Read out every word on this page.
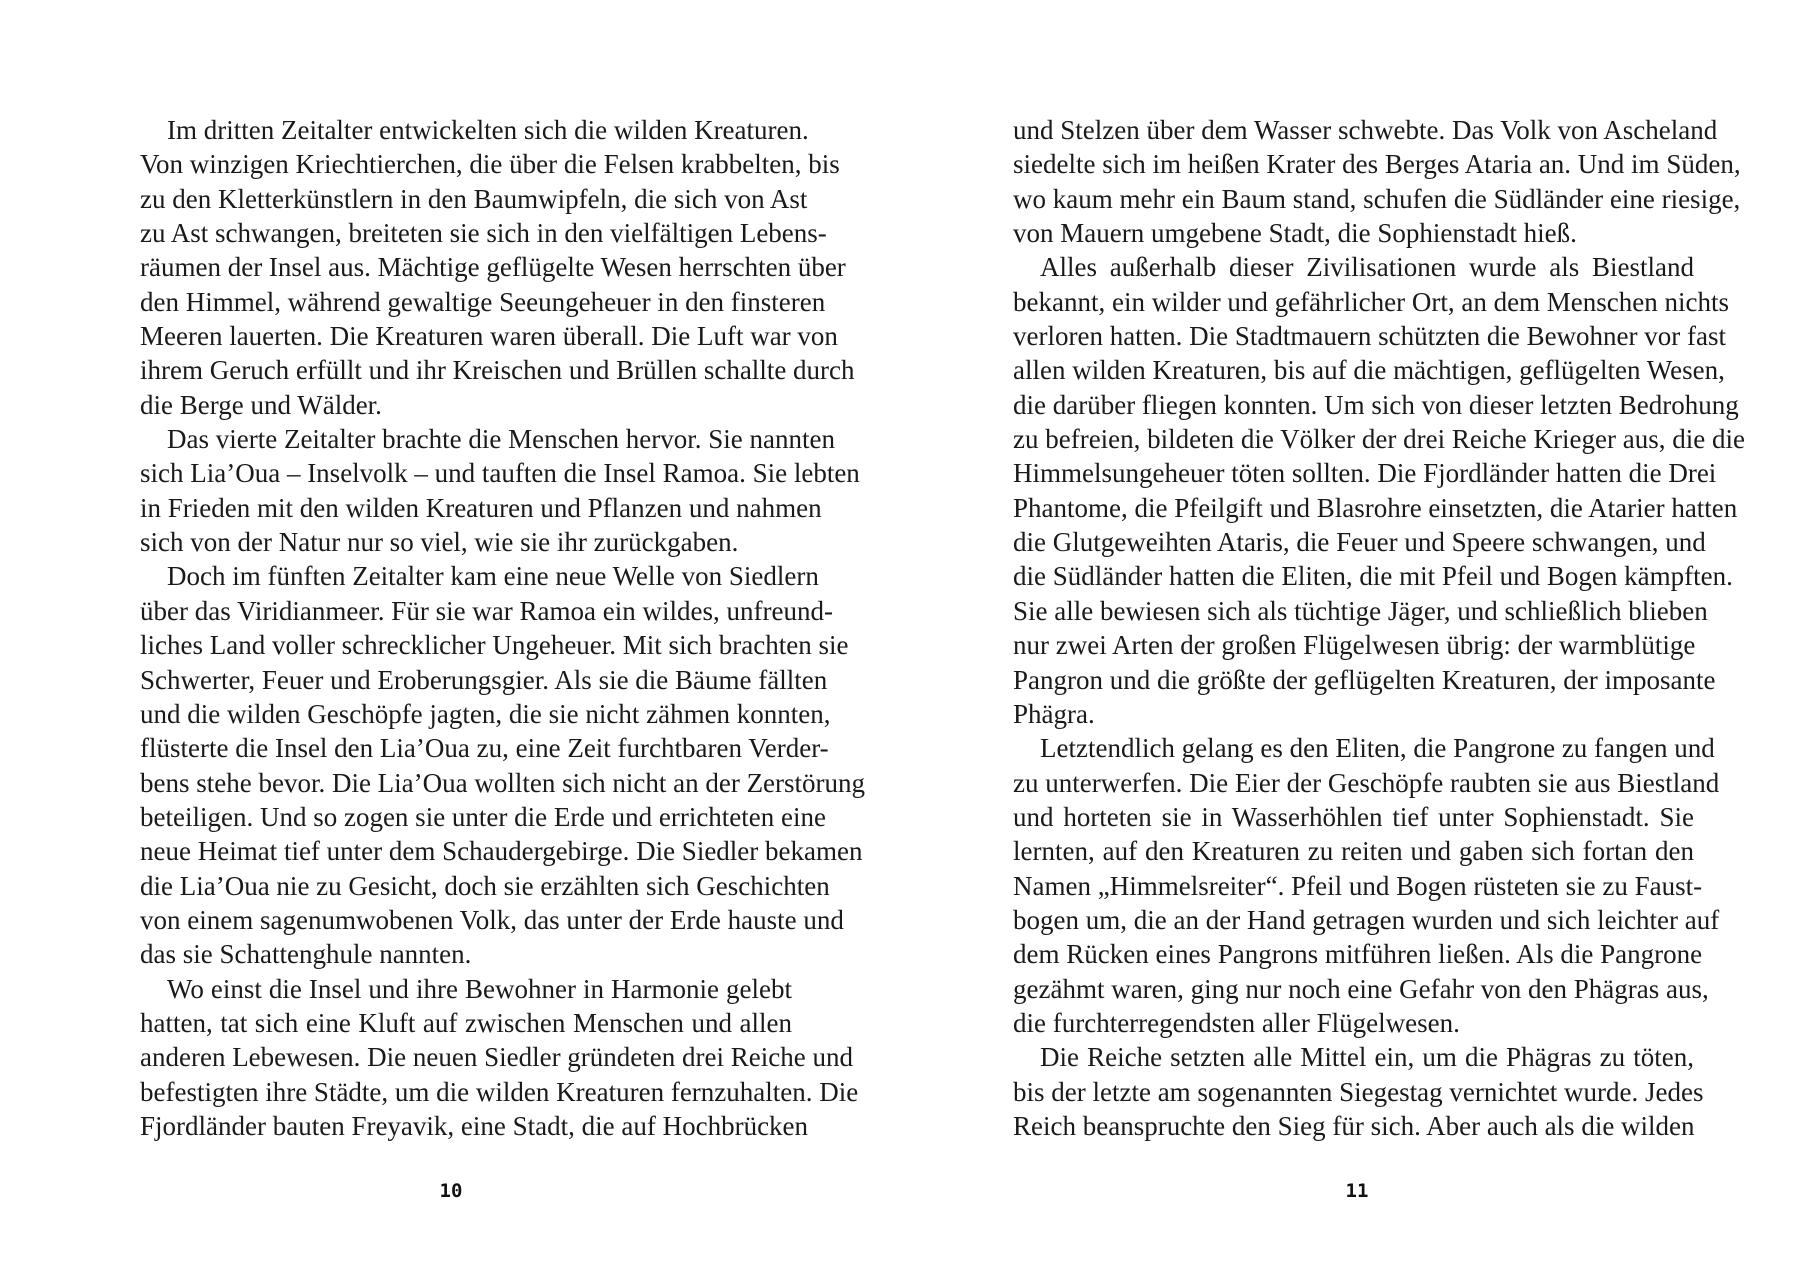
Im dritten Zeitalter entwickelten sich die wilden Kreaturen.
Von winzigen Kriechtierchen, die über die Felsen krabbelten, bis
zu den Kletterkünstlern in den Baumwipfeln, die sich von Ast
zu Ast schwangen, breiteten sie sich in den vielfältigen Lebens-
räumen der Insel aus. Mächtige geflügelte Wesen herrschten über
den Himmel, während gewaltige Seeungeheuer in den finsteren
Meeren lauerten. Die Kreaturen waren überall. Die Luft war von
ihrem Geruch erfüllt und ihr Kreischen und Brüllen schallte durch
die Berge und Wälder.
Das vierte Zeitalter brachte die Menschen hervor. Sie nannten
sich Lia’Oua – Inselvolk – und tauften die Insel Ramoa. Sie lebten
in Frieden mit den wilden Kreaturen und Pflanzen und nahmen
sich von der Natur nur so viel, wie sie ihr zurückgaben.
Doch im fünften Zeitalter kam eine neue Welle von Siedlern
über das Viridianmeer. Für sie war Ramoa ein wildes, unfreund-
liches Land voller schrecklicher Ungeheuer. Mit sich brachten sie
Schwerter, Feuer und Eroberungsgier. Als sie die Bäume fällten
und die wilden Geschöpfe jagten, die sie nicht zähmen konnten,
flüsterte die Insel den Lia’Oua zu, eine Zeit furchtbaren Verder-
bens stehe bevor. Die Lia’Oua wollten sich nicht an der Zerstörung
beteiligen. Und so zogen sie unter die Erde und errichteten eine
neue Heimat tief unter dem Schaudergebirge. Die Siedler bekamen
die Lia’Oua nie zu Gesicht, doch sie erzählten sich Geschichten
von einem sagenumwobenen Volk, das unter der Erde hauste und
das sie Schattenghule nannten.
Wo einst die Insel und ihre Bewohner in Harmonie gelebt
hatten, tat sich eine Kluft auf zwischen Menschen und allen
anderen Lebewesen. Die neuen Siedler gründeten drei Reiche und
befestigten ihre Städte, um die wilden Kreaturen fernzuhalten. Die
Fjordländer bauten Freyavik, eine Stadt, die auf Hochbrücken
10
und Stelzen über dem Wasser schwebte. Das Volk von Ascheland
siedelte sich im heißen Krater des Berges Ataria an. Und im Süden,
wo kaum mehr ein Baum stand, schufen die Südländer eine riesige,
von Mauern umgebene Stadt, die Sophienstadt hieß.
Alles außerhalb dieser Zivilisationen wurde als Biestland
bekannt, ein wilder und gefährlicher Ort, an dem Menschen nichts
verloren hatten. Die Stadtmauern schützten die Bewohner vor fast
allen wilden Kreaturen, bis auf die mächtigen, geflügelten Wesen,
die darüber fliegen konnten. Um sich von dieser letzten Bedrohung
zu befreien, bildeten die Völker der drei Reiche Krieger aus, die die
Himmelsungeheuer töten sollten. Die Fjordländer hatten die Drei
Phantome, die Pfeilgift und Blasrohre einsetzten, die Atarier hatten
die Glutgeweihten Ataris, die Feuer und Speere schwangen, und
die Südländer hatten die Eliten, die mit Pfeil und Bogen kämpften.
Sie alle bewiesen sich als tüchtige Jäger, und schließlich blieben
nur zwei Arten der großen Flügelwesen übrig: der warmblütige
Pangron und die größte der geflügelten Kreaturen, der imposante
Phägra.
Letztendlich gelang es den Eliten, die Pangrone zu fangen und
zu unterwerfen. Die Eier der Geschöpfe raubten sie aus Biestland
und horteten sie in Wasserhöhlen tief unter Sophienstadt. Sie
lernten, auf den Kreaturen zu reiten und gaben sich fortan den
Namen „Himmelsreiter“. Pfeil und Bogen rüsteten sie zu Faust-
bogen um, die an der Hand getragen wurden und sich leichter auf
dem Rücken eines Pangrons mitführen ließen. Als die Pangrone
gezähmt waren, ging nur noch eine Gefahr von den Phägras aus,
die furchterregendsten aller Flügelwesen.
Die Reiche setzten alle Mittel ein, um die Phägras zu töten,
bis der letzte am sogenannten Siegestag vernichtet wurde. Jedes
Reich beanspruchte den Sieg für sich. Aber auch als die wilden
11
